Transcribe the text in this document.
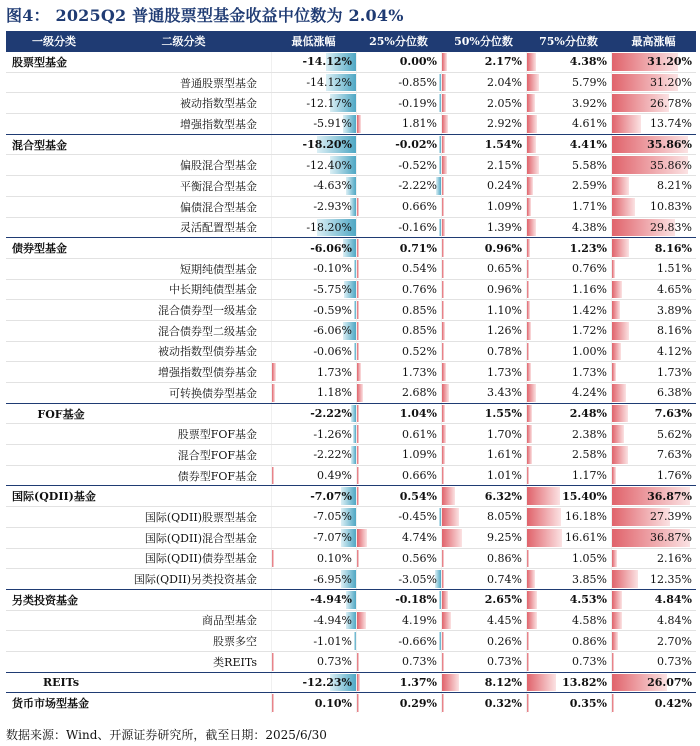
图4： 2025Q2 普通股票型基金收益中位数为 2.04%
一级分类	二级分类	最低涨幅	25%分位数	50%分位数	75%分位数	最高涨幅
股票型基金	-14.12%	0.00%	2.17%	4.38%	31.20%
普通股票型基金	-14.12%	-0.85%	2.04%	5.79%	31.20%
被动指数型基金	-12.17%	-0.19%	2.05%	3.92%	26.78%
增强指数型基金	-5.91%	1.81%	2.92%	4.61%	13.74%
混合型基金	-18.20%	-0.02%	1.54%	4.41%	35.86%
偏股混合型基金	-12.40%	-0.52%	2.15%	5.58%	35.86%
平衡混合型基金	-4.63%	-2.22%	0.24%	2.59%	8.21%
偏债混合型基金	-2.93%	0.66%	1.09%	1.71%	10.83%
灵活配置型基金	-18.20%	-0.16%	1.39%	4.38%	29.83%
债券型基金	-6.06%	0.71%	0.96%	1.23%	8.16%
短期纯债型基金	-0.10%	0.54%	0.65%	0.76%	1.51%
中长期纯债型基金	-5.75%	0.76%	0.96%	1.16%	4.65%
混合债券型一级基金	-0.59%	0.85%	1.10%	1.42%	3.89%
混合债券型二级基金	-6.06%	0.85%	1.26%	1.72%	8.16%
被动指数型债券基金	-0.06%	0.52%	0.78%	1.00%	4.12%
增强指数型债券基金	1.73%	1.73%	1.73%	1.73%	1.73%
可转换债券型基金	1.18%	2.68%	3.43%	4.24%	6.38%
FOF基金	-2.22%	1.04%	1.55%	2.48%	7.63%
股票型FOF基金	-1.26%	0.61%	1.70%	2.38%	5.62%
混合型FOF基金	-2.22%	1.09%	1.61%	2.58%	7.63%
债券型FOF基金	0.49%	0.66%	1.01%	1.17%	1.76%
国际(QDII)基金	-7.07%	0.54%	6.32%	15.40%	36.87%
国际(QDII)股票型基金	-7.05%	-0.45%	8.05%	16.18%	27.39%
国际(QDII)混合型基金	-7.07%	4.74%	9.25%	16.61%	36.87%
国际(QDII)债券型基金	0.10%	0.56%	0.86%	1.05%	2.16%
国际(QDII)另类投资基金	-6.95%	-3.05%	0.74%	3.85%	12.35%
另类投资基金	-4.94%	-0.18%	2.65%	4.53%	4.84%
商品型基金	-4.94%	4.19%	4.45%	4.58%	4.84%
股票多空	-1.01%	-0.66%	0.26%	0.86%	2.70%
类REITs	0.73%	0.73%	0.73%	0.73%	0.73%
REITs	-12.23%	1.37%	8.12%	13.82%	26.07%
货币市场型基金	0.10%	0.29%	0.32%	0.35%	0.42%
数据来源：Wind、开源证券研究所，截至日期：2025/6/30
